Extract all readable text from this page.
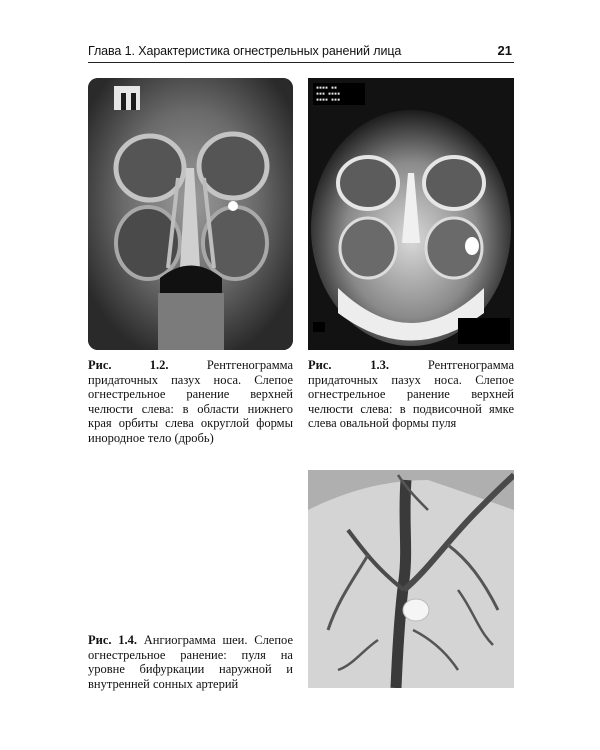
Глава 1. Характеристика огнестрельных ранений лица	21
▪▪▪▪ ▪▪
▪▪▪ ▪▪▪▪
▪▪▪▪ ▪▪▪
Рис. 1.2.	Рентгенограмма придаточных пазух носа. Слепое огнестрельное ранение верхней челюсти слева: в области нижнего края орбиты слева округлой формы инородное тело (дробь)
Рис. 1.3.	Рентгенограмма придаточных пазух носа. Слепое огнестрельное ранение верхней челюсти слева: в подвисочной ямке слева овальной формы пуля
Рис. 1.4. Ангиограмма шеи. Слепое огнестрельное ранение: пуля на уровне бифуркации наружной и внутренней сонных артерий
